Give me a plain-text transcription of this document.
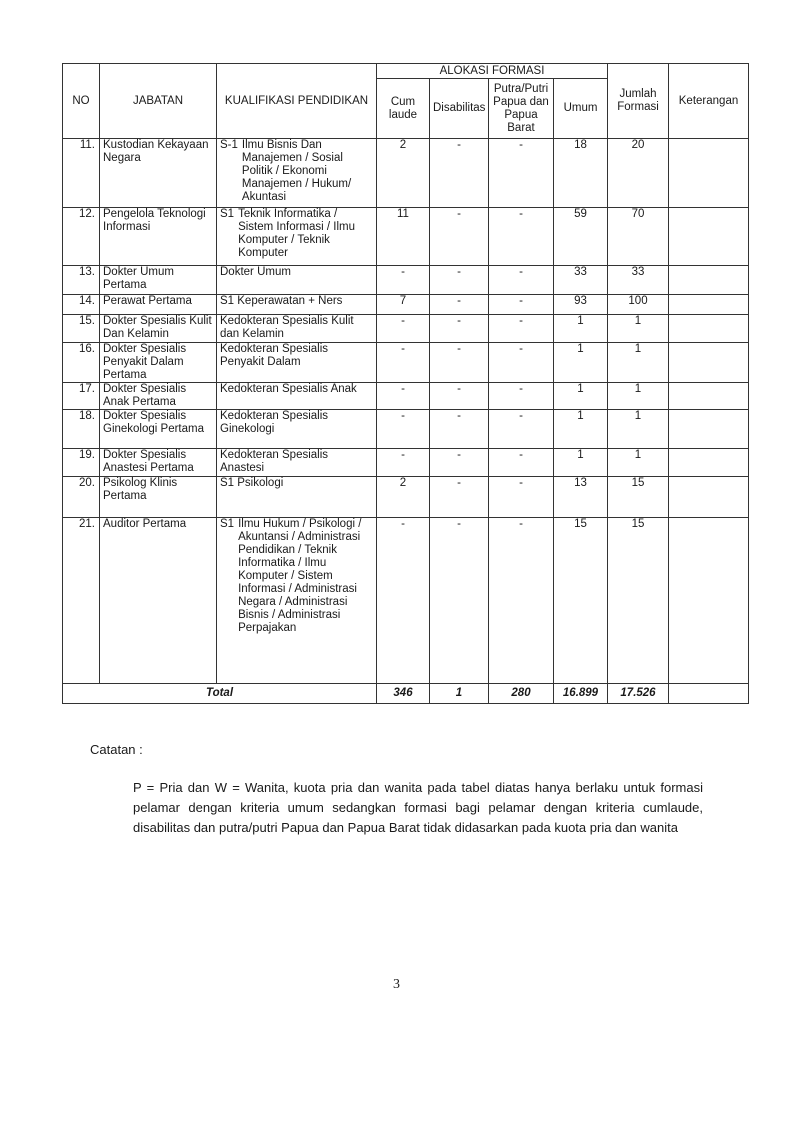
NO	JABATAN	KUALIFIKASI PENDIDIKAN	ALOKASI FORMASI				Jumlah Formasi	Keterangan
			Cum laude	Disabilitas	Putra/Putri Papua dan Papua Barat	Umum		
11.	Kustodian Kekayaan Negara	S-1 Ilmu Bisnis Dan Manajemen / Sosial Politik / Ekonomi Manajemen / Hukum/ Akuntasi	2	-	-	18	20	
12.	Pengelola Teknologi Informasi	S1 Teknik Informatika / Sistem Informasi / Ilmu Komputer / Teknik Komputer	11	-	-	59	70	
13.	Dokter Umum Pertama	Dokter Umum	-	-	-	33	33	
14.	Perawat Pertama	S1 Keperawatan + Ners	7	-	-	93	100	
15.	Dokter Spesialis Kulit Dan Kelamin	Kedokteran Spesialis Kulit dan Kelamin	-	-	-	1	1	
16.	Dokter Spesialis Penyakit Dalam Pertama	Kedokteran Spesialis Penyakit Dalam	-	-	-	1	1	
17.	Dokter Spesialis Anak Pertama	Kedokteran Spesialis Anak	-	-	-	1	1	
18.	Dokter Spesialis Ginekologi Pertama	Kedokteran Spesialis Ginekologi	-	-	-	1	1	
19.	Dokter Spesialis Anastesi Pertama	Kedokteran Spesialis Anastesi	-	-	-	1	1	
20.	Psikolog Klinis Pertama	S1 Psikologi	2	-	-	13	15	
21.	Auditor Pertama	S1 Ilmu Hukum / Psikologi / Akuntansi / Administrasi Pendidikan / Teknik Informatika / Ilmu Komputer / Sistem Informasi / Administrasi Negara / Administrasi Bisnis / Administrasi Perpajakan	-	-	-	15	15	
Total			346	1	280	16.899	17.526	
Catatan :
P = Pria dan W = Wanita, kuota pria dan wanita pada tabel diatas hanya berlaku untuk formasi pelamar dengan kriteria umum sedangkan formasi bagi pelamar dengan kriteria cumlaude, disabilitas dan putra/putri Papua dan Papua Barat tidak didasarkan pada kuota pria dan wanita
3
